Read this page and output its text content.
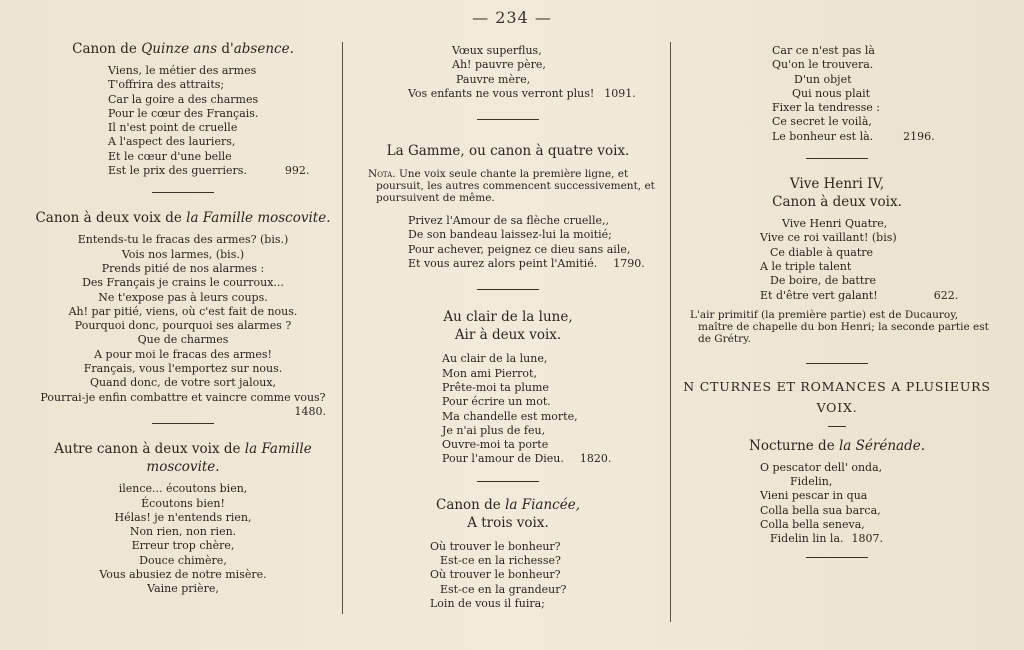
— 234 —
Canon de Quinze ans d'absence.
Viens, le métier des armes
T'offrira des attraits;
Car la goire a des charmes
Pour le cœur des Français.
Il n'est point de cruelle
A l'aspect des lauriers,
Et le cœur d'une belle
Est le prix des guerriers.	992.
Canon à deux voix de la Famille moscovite.
Entends-tu le fracas des armes? (bis.)
Vois nos larmes, (bis.)
Prends pitié de nos alarmes :
Des Français je crains le courroux...
Ne t'expose pas à leurs coups.
Ah! par pitié, viens, où c'est fait de nous.
Pourquoi donc, pourquoi ses alarmes ?
Que de charmes
A pour moi le fracas des armes!
Français, vous l'emportez sur nous.
Quand donc, de votre sort jaloux,
Pourrai-je enfin combattre et vaincre comme vous?
1480.
Autre canon à deux voix de la Famille
moscovite.
ilence... écoutons bien,
Écoutons bien!
Hélas! je n'entends rien,
Non rien, non rien.
Erreur trop chère,
Douce chimère,
Vous abusiez de notre misère.
Vaine prière,
Vœux superflus,
Ah! pauvre père,
Pauvre mère,
Vos enfants ne vous verront plus! 1091.
La Gamme, ou canon à quatre voix.
Nota. Une voix seule chante la première ligne, et poursuit, les autres commencent successivement, et poursuivent de même.
Privez l'Amour de sa flèche cruelle,,
De son bandeau laissez-lui la moitié;
Pour achever, peignez ce dieu sans aile,
Et vous aurez alors peint l'Amitié. 1790.
Au clair de la lune,
Air à deux voix.
Au clair de la lune,
Mon ami Pierrot,
Prête-moi ta plume
Pour écrire un mot.
Ma chandelle est morte,
Je n'ai plus de feu,
Ouvre-moi ta porte
Pour l'amour de Dieu. 1820.
Canon de la Fiancée,
A trois voix.
Où trouver le bonheur?
Est-ce en la richesse?
Où trouver le bonheur?
Est-ce en la grandeur?
Loin de vous il fuira;
Car ce n'est pas là
Qu'on le trouvera.
D'un objet
Qui nous plait
Fixer la tendresse :
Ce secret le voilà,
Le bonheur est là.	2196.
Vive Henri IV,
Canon à deux voix.
Vive Henri Quatre,
Vive ce roi vaillant! (bis)
Ce diable à quatre
A le triple talent
De boire, de battre
Et d'être vert galant!	622.
L'air primitif (la première partie) est de Ducauroy, maître de chapelle du bon Henri; la seconde partie est de Grétry.
N CTURNES ET ROMANCES A PLUSIEURS
VOIX.
Nocturne de la Sérénade.
O pescator dell' onda,
Fidelin,
Vieni pescar in qua
Colla bella sua barca,
Colla bella seneva,
Fidelin lin la. 1807.
